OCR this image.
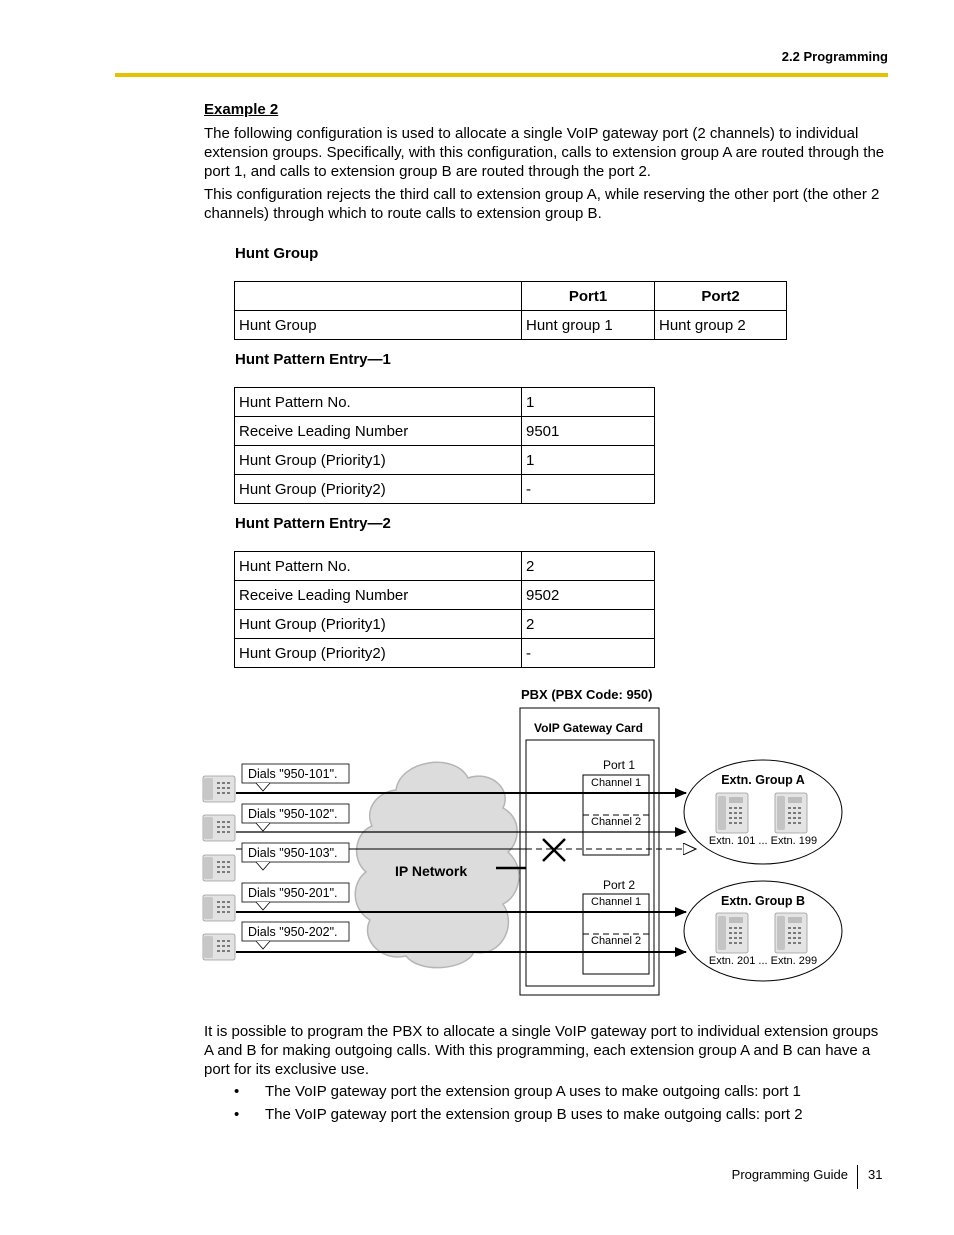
2.2 Programming
Example 2
The following configuration is used to allocate a single VoIP gateway port (2 channels) to individual extension groups. Specifically, with this configuration, calls to extension group A are routed through the port 1, and calls to extension group B are routed through the port 2.
This configuration rejects the third call to extension group A, while reserving the other port (the other 2 channels) through which to route calls to extension group B.
Hunt Group
	Port1	Port2
Hunt Group	Hunt group 1	Hunt group 2
Hunt Pattern Entry—1
Hunt Pattern No.	1
Receive Leading Number	9501
Hunt Group (Priority1)	1
Hunt Group (Priority2)	-
Hunt Pattern Entry—2
Hunt Pattern No.	2
Receive Leading Number	9502
Hunt Group (Priority1)	2
Hunt Group (Priority2)	-
PBX (PBX Code: 950)
VoIP Gateway Card
Port 1
Channel 1
Channel 2
Port 2
Channel 1
Channel 2
IP Network
Dials "950-101".
Dials "950-102".
Dials "950-103".
Dials "950-201".
Dials "950-202".
Extn. Group A
Extn. 101 ... Extn. 199
Extn. Group B
Extn. 201 ... Extn. 299
It is possible to program the PBX to allocate a single VoIP gateway port to individual extension groups A and B for making outgoing calls. With this programming, each extension group A and B can have a port for its exclusive use.
• The VoIP gateway port the extension group A uses to make outgoing calls: port 1
• The VoIP gateway port the extension group B uses to make outgoing calls: port 2
Programming Guide 31
